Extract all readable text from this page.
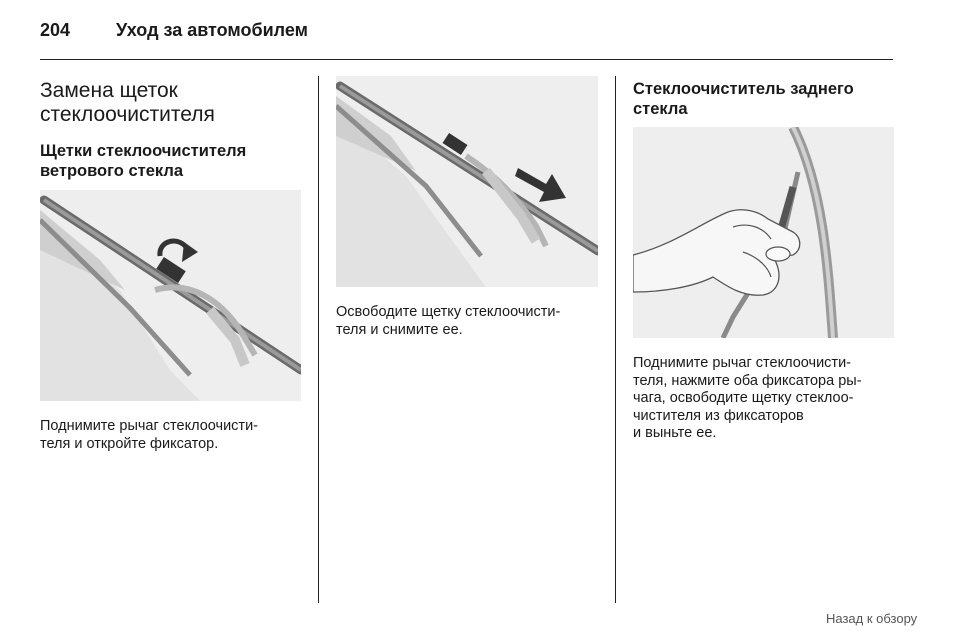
204	Уход за автомобилем
Замена щеток стеклоочистителя
Щетки стеклоочистителя ветрового стекла
Поднимите рычаг стеклоочисти-
теля и откройте фиксатор.
Освободите щетку стеклоочисти-
теля и снимите ее.
Стеклоочиститель заднего стекла
Поднимите рычаг стеклоочисти-
теля, нажмите оба фиксатора ры-
чага, освободите щетку стеклоо-
чистителя из фиксаторов
и выньте ее.
Назад к обзору
